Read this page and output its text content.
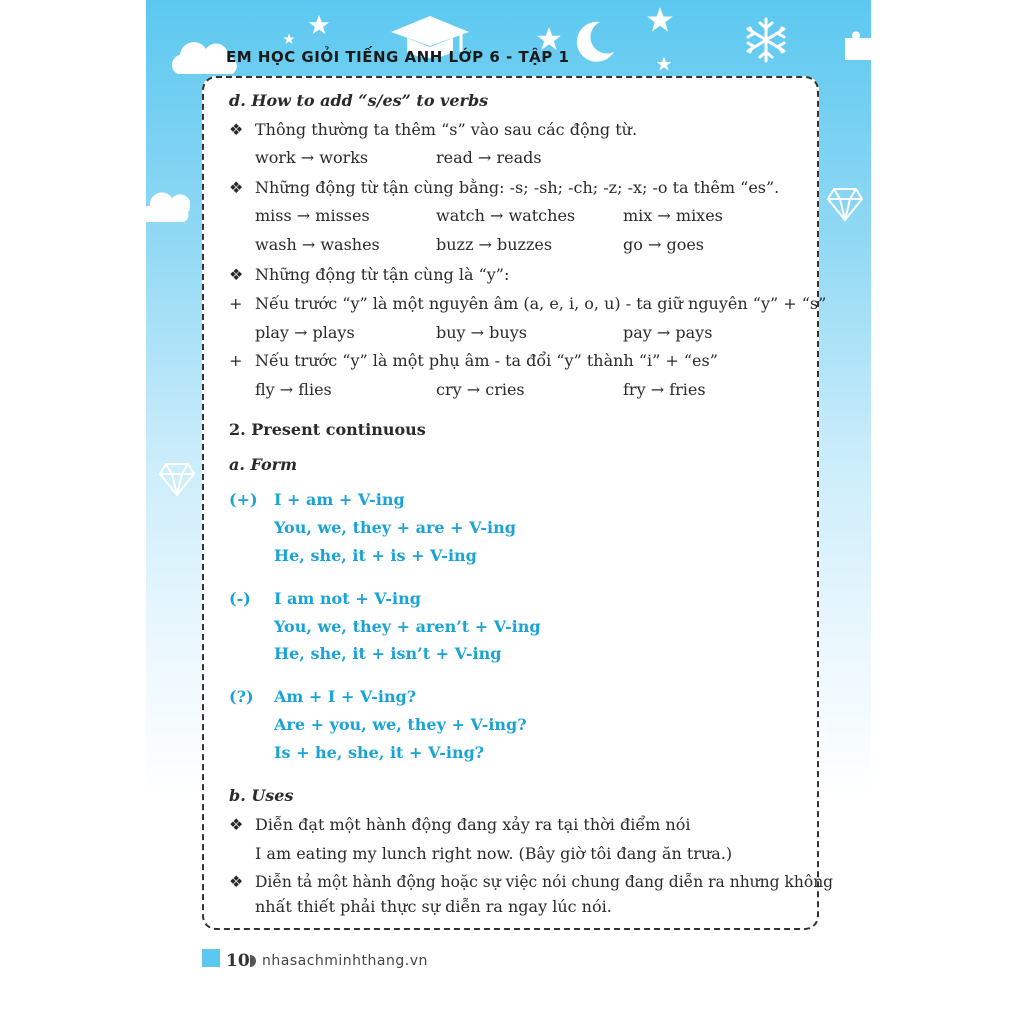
EM HỌC GIỎI TIẾNG ANH LỚP 6 - TẬP 1
d. How to add “s/es” to verbs
❖ Thông thường ta thêm “s” vào sau các động từ.
work → works	read → reads
❖ Những động từ tận cùng bằng: -s; -sh; -ch; -z; -x; -o ta thêm “es”.
miss → misses	watch → watches	mix → mixes
wash → washes	buzz → buzzes	go → goes
❖ Những động từ tận cùng là “y”:
+ Nếu trước “y” là một nguyên âm (a, e, i, o, u) - ta giữ nguyên “y” + “s”
play → plays	buy → buys	pay → pays
+ Nếu trước “y” là một phụ âm - ta đổi “y” thành “i” + “es”
fly → flies	cry → cries	fry → fries
2. Present continuous
a. Form
(+) I + am + V-ing
You, we, they + are + V-ing
He, she, it + is + V-ing
(-) I am not + V-ing
You, we, they + aren’t + V-ing
He, she, it + isn’t + V-ing
(?) Am + I + V-ing?
Are + you, we, they + V-ing?
Is + he, she, it + V-ing?
b. Uses
❖ Diễn đạt một hành động đang xảy ra tại thời điểm nói
I am eating my lunch right now. (Bây giờ tôi đang ăn trưa.)
❖ Diễn tả một hành động hoặc sự việc nói chung đang diễn ra nhưng không
nhất thiết phải thực sự diễn ra ngay lúc nói.
10 nhasachminhthang.vn
